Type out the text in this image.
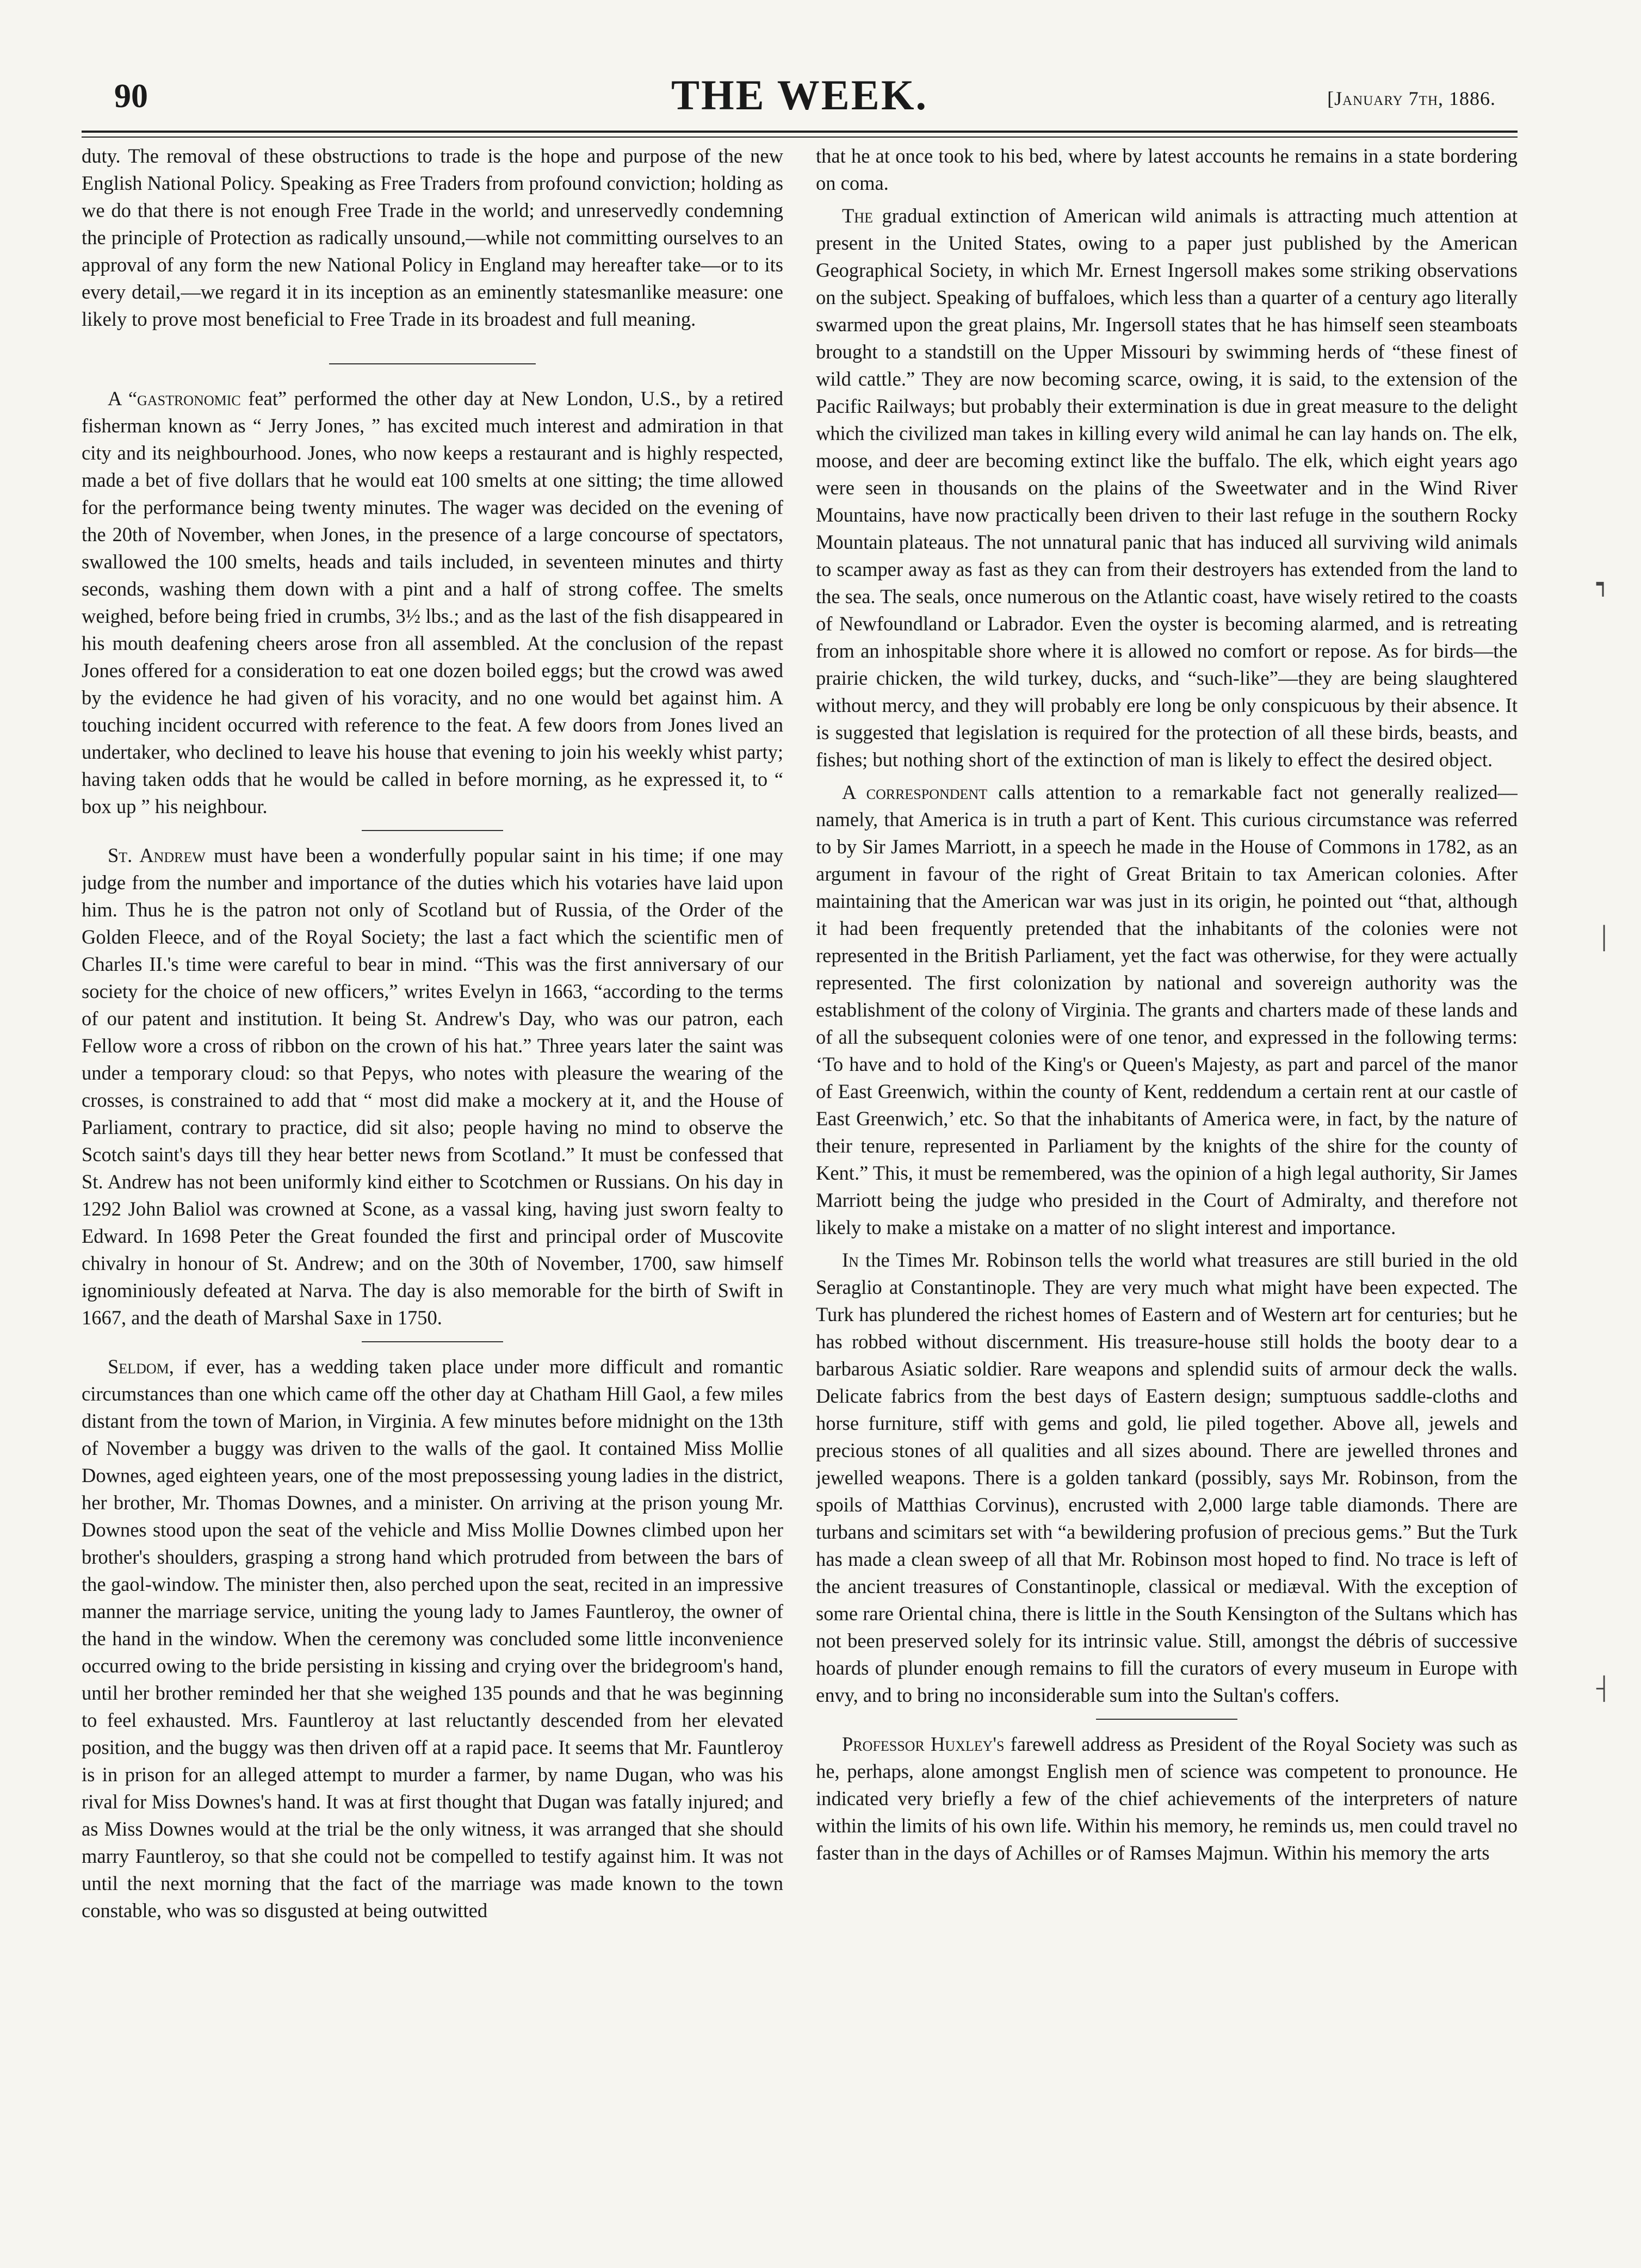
90	THE WEEK.	[January 7th, 1886.

duty. The removal of these obstructions to trade is the hope and purpose of the new English National Policy. Speaking as Free Traders from profound conviction; holding as we do that there is not enough Free Trade in the world; and unreservedly condemning the principle of Protection as radically unsound,—while not committing ourselves to an approval of any form the new National Policy in England may hereafter take—or to its every detail,—we regard it in its inception as an eminently statesmanlike measure: one likely to prove most beneficial to Free Trade in its broadest and full meaning.

A “gastronomic feat” performed the other day at New London, U.S., by a retired fisherman known as “ Jerry Jones, ” has excited much interest and admiration in that city and its neighbourhood. Jones, who now keeps a restaurant and is highly respected, made a bet of five dollars that he would eat 100 smelts at one sitting; the time allowed for the performance being twenty minutes. The wager was decided on the evening of the 20th of November, when Jones, in the presence of a large concourse of spectators, swallowed the 100 smelts, heads and tails included, in seventeen minutes and thirty seconds, washing them down with a pint and a half of strong coffee. The smelts weighed, before being fried in crumbs, 3½ lbs.; and as the last of the fish disappeared in his mouth deafening cheers arose fron all assembled. At the conclusion of the repast Jones offered for a consideration to eat one dozen boiled eggs; but the crowd was awed by the evidence he had given of his voracity, and no one would bet against him. A touching incident occurred with reference to the feat. A few doors from Jones lived an undertaker, who declined to leave his house that evening to join his weekly whist party; having taken odds that he would be called in before morning, as he expressed it, to “ box up ” his neighbour.

St. Andrew must have been a wonderfully popular saint in his time; if one may judge from the number and importance of the duties which his votaries have laid upon him. Thus he is the patron not only of Scotland but of Russia, of the Order of the Golden Fleece, and of the Royal Society; the last a fact which the scientific men of Charles II.'s time were careful to bear in mind. “This was the first anniversary of our society for the choice of new officers,” writes Evelyn in 1663, “according to the terms of our patent and institution. It being St. Andrew's Day, who was our patron, each Fellow wore a cross of ribbon on the crown of his hat.” Three years later the saint was under a temporary cloud: so that Pepys, who notes with pleasure the wearing of the crosses, is constrained to add that “ most did make a mockery at it, and the House of Parliament, contrary to practice, did sit also; people having no mind to observe the Scotch saint's days till they hear better news from Scotland.” It must be confessed that St. Andrew has not been uniformly kind either to Scotchmen or Russians. On his day in 1292 John Baliol was crowned at Scone, as a vassal king, having just sworn fealty to Edward. In 1698 Peter the Great founded the first and principal order of Muscovite chivalry in honour of St. Andrew; and on the 30th of November, 1700, saw himself ignominiously defeated at Narva. The day is also memorable for the birth of Swift in 1667, and the death of Marshal Saxe in 1750.

Seldom, if ever, has a wedding taken place under more difficult and romantic circumstances than one which came off the other day at Chatham Hill Gaol, a few miles distant from the town of Marion, in Virginia. A few minutes before midnight on the 13th of November a buggy was driven to the walls of the gaol. It contained Miss Mollie Downes, aged eighteen years, one of the most prepossessing young ladies in the district, her brother, Mr. Thomas Downes, and a minister. On arriving at the prison young Mr. Downes stood upon the seat of the vehicle and Miss Mollie Downes climbed upon her brother's shoulders, grasping a strong hand which protruded from between the bars of the gaol-window. The minister then, also perched upon the seat, recited in an impressive manner the marriage service, uniting the young lady to James Fauntleroy, the owner of the hand in the window. When the ceremony was concluded some little inconvenience occurred owing to the bride persisting in kissing and crying over the bridegroom's hand, until her brother reminded her that she weighed 135 pounds and that he was beginning to feel exhausted. Mrs. Fauntleroy at last reluctantly descended from her elevated position, and the buggy was then driven off at a rapid pace. It seems that Mr. Fauntleroy is in prison for an alleged attempt to murder a farmer, by name Dugan, who was his rival for Miss Downes's hand. It was at first thought that Dugan was fatally injured; and as Miss Downes would at the trial be the only witness, it was arranged that she should marry Fauntleroy, so that she could not be compelled to testify against him. It was not until the next morning that the fact of the marriage was made known to the town constable, who was so disgusted at being outwitted

that he at once took to his bed, where by latest accounts he remains in a state bordering on coma.

The gradual extinction of American wild animals is attracting much attention at present in the United States, owing to a paper just published by the American Geographical Society, in which Mr. Ernest Ingersoll makes some striking observations on the subject. Speaking of buffaloes, which less than a quarter of a century ago literally swarmed upon the great plains, Mr. Ingersoll states that he has himself seen steamboats brought to a standstill on the Upper Missouri by swimming herds of “these finest of wild cattle.” They are now becoming scarce, owing, it is said, to the extension of the Pacific Railways; but probably their extermination is due in great measure to the delight which the civilized man takes in killing every wild animal he can lay hands on. The elk, moose, and deer are becoming extinct like the buffalo. The elk, which eight years ago were seen in thousands on the plains of the Sweetwater and in the Wind River Mountains, have now practically been driven to their last refuge in the southern Rocky Mountain plateaus. The not unnatural panic that has induced all surviving wild animals to scamper away as fast as they can from their destroyers has extended from the land to the sea. The seals, once numerous on the Atlantic coast, have wisely retired to the coasts of Newfoundland or Labrador. Even the oyster is becoming alarmed, and is retreating from an inhospitable shore where it is allowed no comfort or repose. As for birds—the prairie chicken, the wild turkey, ducks, and “such-like”—they are being slaughtered without mercy, and they will probably ere long be only conspicuous by their absence. It is suggested that legislation is required for the protection of all these birds, beasts, and fishes; but nothing short of the extinction of man is likely to effect the desired object.

A correspondent calls attention to a remarkable fact not generally realized—namely, that America is in truth a part of Kent. This curious circumstance was referred to by Sir James Marriott, in a speech he made in the House of Commons in 1782, as an argument in favour of the right of Great Britain to tax American colonies. After maintaining that the American war was just in its origin, he pointed out “that, although it had been frequently pretended that the inhabitants of the colonies were not represented in the British Parliament, yet the fact was otherwise, for they were actually represented. The first colonization by national and sovereign authority was the establishment of the colony of Virginia. The grants and charters made of these lands and of all the subsequent colonies were of one tenor, and expressed in the following terms: ‘To have and to hold of the King's or Queen's Majesty, as part and parcel of the manor of East Greenwich, within the county of Kent, reddendum a certain rent at our castle of East Greenwich,’ etc. So that the inhabitants of America were, in fact, by the nature of their tenure, represented in Parliament by the knights of the shire for the county of Kent.” This, it must be remembered, was the opinion of a high legal authority, Sir James Marriott being the judge who presided in the Court of Admiralty, and therefore not likely to make a mistake on a matter of no slight interest and importance.

In the Times Mr. Robinson tells the world what treasures are still buried in the old Seraglio at Constantinople. They are very much what might have been expected. The Turk has plundered the richest homes of Eastern and of Western art for centuries; but he has robbed without discernment. His treasure-house still holds the booty dear to a barbarous Asiatic soldier. Rare weapons and splendid suits of armour deck the walls. Delicate fabrics from the best days of Eastern design; sumptuous saddle-cloths and horse furniture, stiff with gems and gold, lie piled together. Above all, jewels and precious stones of all qualities and all sizes abound. There are jewelled thrones and jewelled weapons. There is a golden tankard (possibly, says Mr. Robinson, from the spoils of Matthias Corvinus), encrusted with 2,000 large table diamonds. There are turbans and scimitars set with “a bewildering profusion of precious gems.” But the Turk has made a clean sweep of all that Mr. Robinson most hoped to find. No trace is left of the ancient treasures of Constantinople, classical or mediæval. With the exception of some rare Oriental china, there is little in the South Kensington of the Sultans which has not been preserved solely for its intrinsic value. Still, amongst the débris of successive hoards of plunder enough remains to fill the curators of every museum in Europe with envy, and to bring no inconsiderable sum into the Sultan's coffers.

Professor Huxley's farewell address as President of the Royal Society was such as he, perhaps, alone amongst English men of science was competent to pronounce. He indicated very briefly a few of the chief achievements of the interpreters of nature within the limits of his own life. Within his memory, he reminds us, men could travel no faster than in the days of Achilles or of Ramses Majmun. Within his memory the arts

┑
│
┤
